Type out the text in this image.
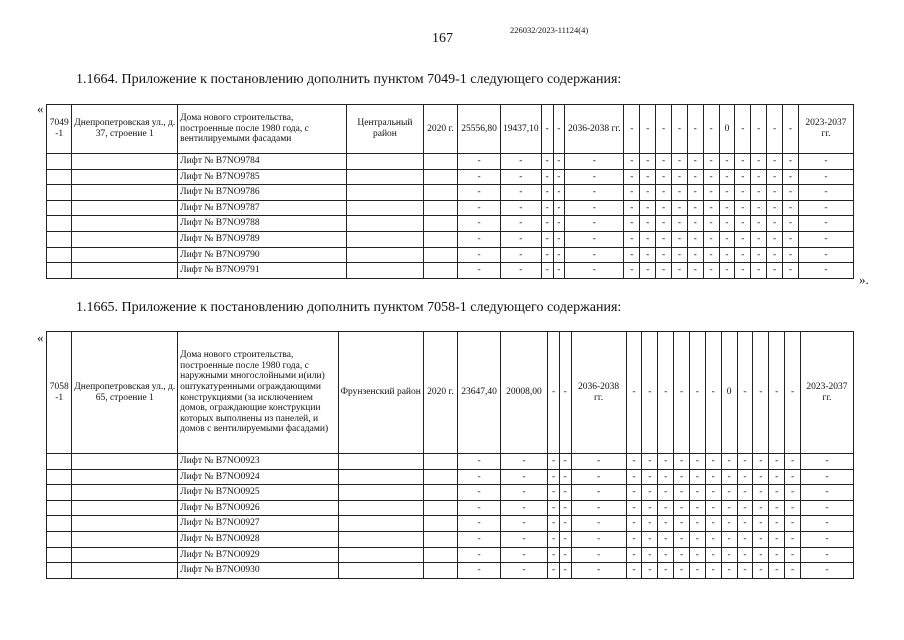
226032/2023-11124(4)
167
1.1664. Приложение к постановлению дополнить пунктом 7049-1 следующего содержания:
«
».
7049 -1	Днепропетровская ул., д. 37, строение 1	Дома нового строительства, построенные после 1980 года, с вентилируемыми фасадами	Центральный район	2020 г.	25556,80	19437,10	-	-	2036-2038 гг.	-	-	-	-	-	-	0	-	-	-	-	2023-2037 гг.
		Лифт № B7NO9784			-	-	-	-	-	-	-	-	-	-	-	-	-	-	-	-	-
		Лифт № B7NO9785			-	-	-	-	-	-	-	-	-	-	-	-	-	-	-	-	-
		Лифт № B7NO9786			-	-	-	-	-	-	-	-	-	-	-	-	-	-	-	-	-
		Лифт № B7NO9787			-	-	-	-	-	-	-	-	-	-	-	-	-	-	-	-	-
		Лифт № B7NO9788			-	-	-	-	-	-	-	-	-	-	-	-	-	-	-	-	-
		Лифт № B7NO9789			-	-	-	-	-	-	-	-	-	-	-	-	-	-	-	-	-
		Лифт № B7NO9790			-	-	-	-	-	-	-	-	-	-	-	-	-	-	-	-	-
		Лифт № B7NO9791			-	-	-	-	-	-	-	-	-	-	-	-	-	-	-	-	-
1.1665. Приложение к постановлению дополнить пунктом 7058-1 следующего содержания:
«
7058 -1	Днепропетровская ул., д. 65, строение 1	Дома нового строительства, построенные после 1980 года, с наружными многослойными и(или) оштукатуренными ограждающими конструкциями (за исключением домов, ограждающие конструкции которых выполнены из панелей, и домов с вентилируемыми фасадами)	Фрунзенский район	2020 г.	23647,40	20008,00	-	-	2036-2038 гг.	-	-	-	-	-	-	0	-	-	-	-	2023-2037 гг.
		Лифт № B7NO0923			-	-	-	-	-	-	-	-	-	-	-	-	-	-	-	-	-
		Лифт № B7NO0924			-	-	-	-	-	-	-	-	-	-	-	-	-	-	-	-	-
		Лифт № B7NO0925			-	-	-	-	-	-	-	-	-	-	-	-	-	-	-	-	-
		Лифт № B7NO0926			-	-	-	-	-	-	-	-	-	-	-	-	-	-	-	-	-
		Лифт № B7NO0927			-	-	-	-	-	-	-	-	-	-	-	-	-	-	-	-	-
		Лифт № B7NO0928			-	-	-	-	-	-	-	-	-	-	-	-	-	-	-	-	-
		Лифт № B7NO0929			-	-	-	-	-	-	-	-	-	-	-	-	-	-	-	-	-
		Лифт № B7NO0930			-	-	-	-	-	-	-	-	-	-	-	-	-	-	-	-	-
